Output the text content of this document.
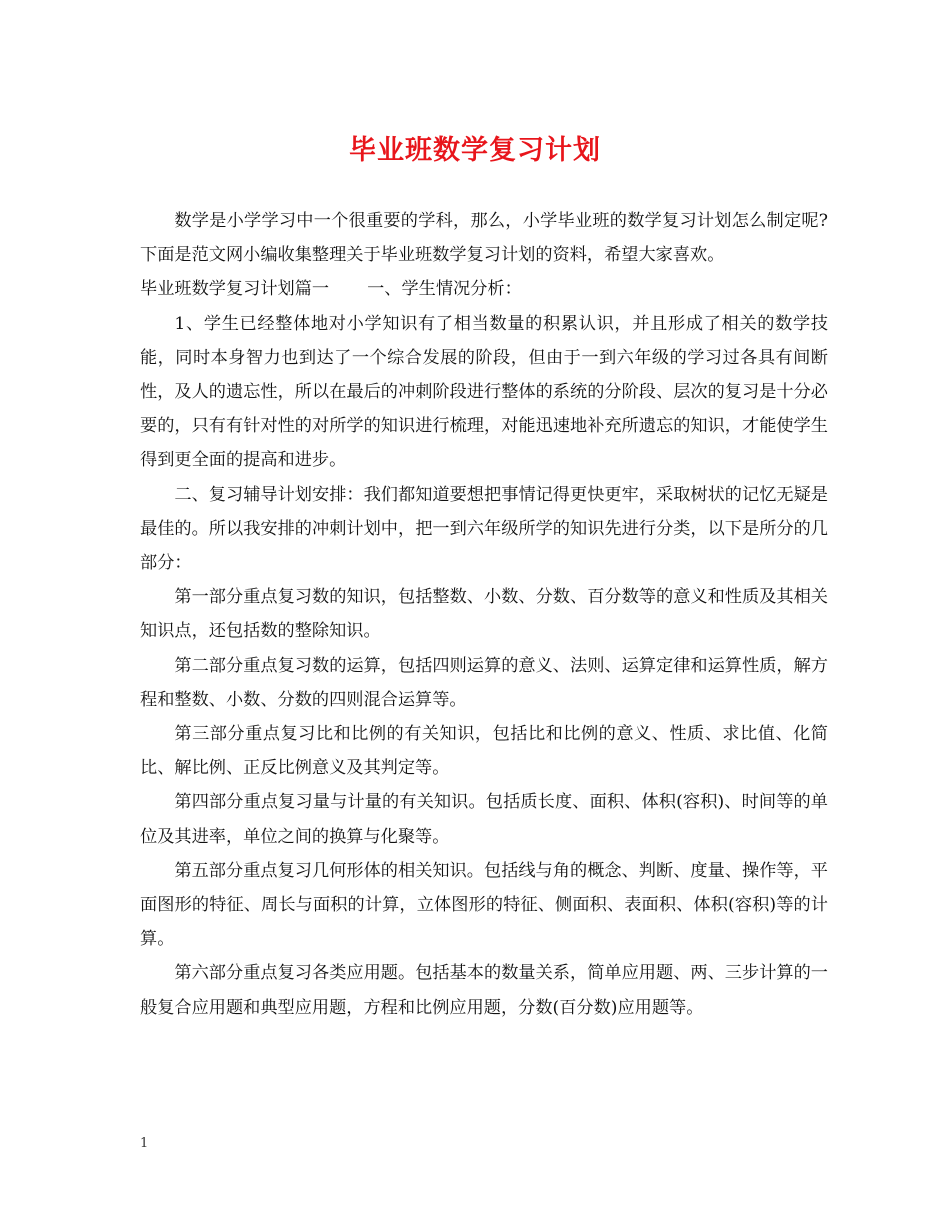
毕业班数学复习计划

数学是小学学习中一个很重要的学科，那么，小学毕业班的数学复习计划怎么制定呢?下面是范文网小编收集整理关于毕业班数学复习计划的资料，希望大家喜欢。

毕业班数学复习计划篇一 一、学生情况分析：

1、学生已经整体地对小学知识有了相当数量的积累认识，并且形成了相关的数学技能，同时本身智力也到达了一个综合发展的阶段，但由于一到六年级的学习过各具有间断性，及人的遗忘性，所以在最后的冲刺阶段进行整体的系统的分阶段、层次的复习是十分必要的，只有有针对性的对所学的知识进行梳理，对能迅速地补充所遗忘的知识，才能使学生得到更全面的提高和进步。

二、复习辅导计划安排：我们都知道要想把事情记得更快更牢，采取树状的记忆无疑是最佳的。所以我安排的冲刺计划中，把一到六年级所学的知识先进行分类，以下是所分的几部分：

第一部分重点复习数的知识，包括整数、小数、分数、百分数等的意义和性质及其相关知识点，还包括数的整除知识。

第二部分重点复习数的运算，包括四则运算的意义、法则、运算定律和运算性质，解方程和整数、小数、分数的四则混合运算等。

第三部分重点复习比和比例的有关知识，包括比和比例的意义、性质、求比值、化简比、解比例、正反比例意义及其判定等。

第四部分重点复习量与计量的有关知识。包括质长度、面积、体积(容积)、时间等的单位及其进率，单位之间的换算与化聚等。

第五部分重点复习几何形体的相关知识。包括线与角的概念、判断、度量、操作等，平面图形的特征、周长与面积的计算，立体图形的特征、侧面积、表面积、体积(容积)等的计算。

第六部分重点复习各类应用题。包括基本的数量关系，简单应用题、两、三步计算的一般复合应用题和典型应用题，方程和比例应用题，分数(百分数)应用题等。

1
